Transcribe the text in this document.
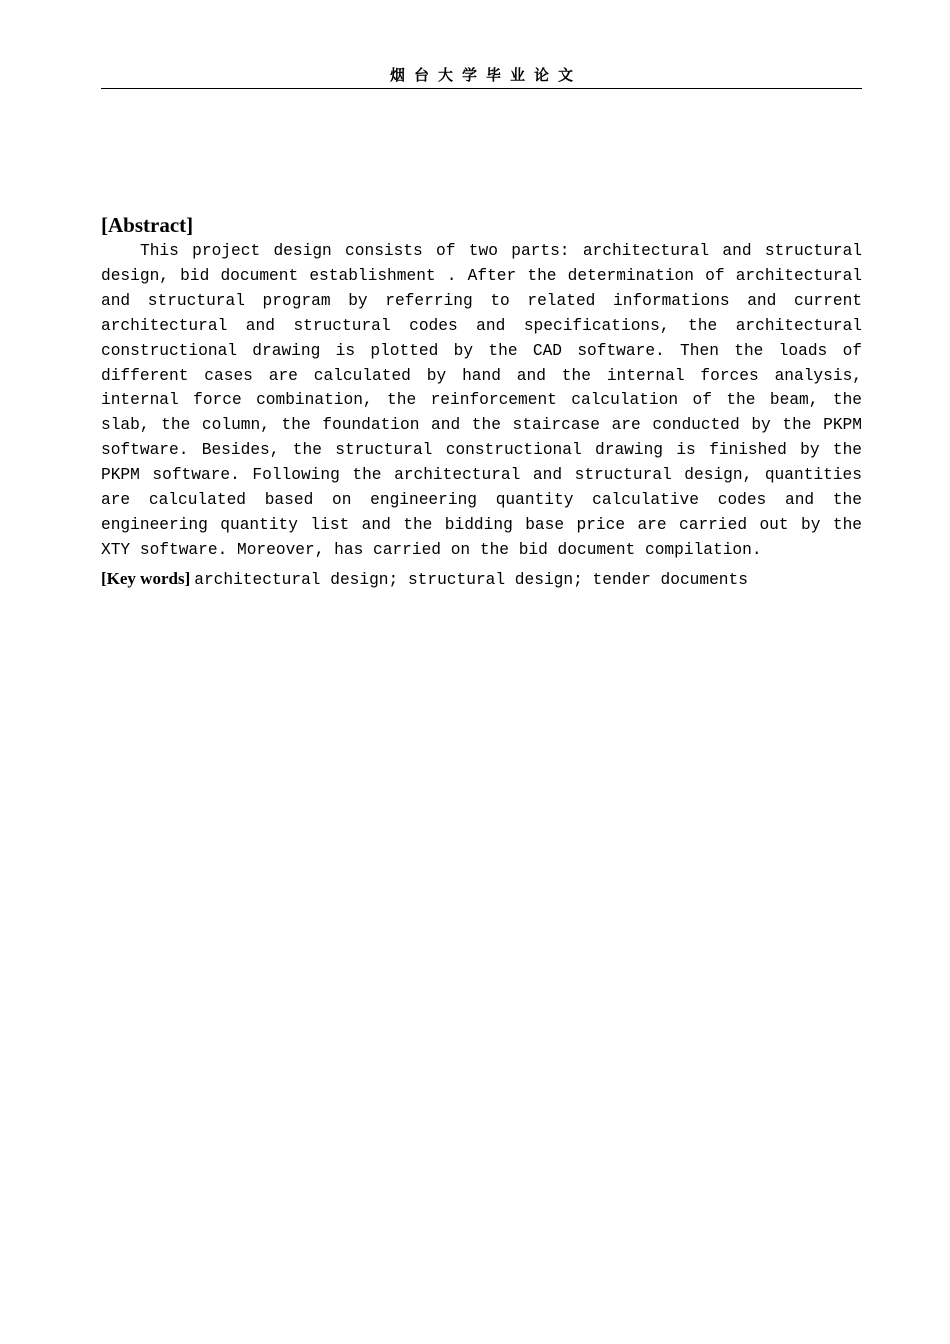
烟台大学毕业论文
[Abstract]

This project design consists of two parts: architectural and structural design, bid document establishment . After the determination of architectural and structural program by referring to related informations and current architectural and structural codes and specifications, the architectural constructional drawing is plotted by the CAD software. Then the loads of different cases are calculated by hand and the internal forces analysis, internal force combination, the reinforcement calculation of the beam, the slab, the column, the foundation and the staircase are conducted by the PKPM software. Besides, the structural constructional drawing is finished by the PKPM software. Following the architectural and structural design, quantities are calculated based on engineering quantity calculative codes and the engineering quantity list and the bidding base price are carried out by the XTY software. Moreover, has carried on the bid document compilation.

[Key words] architectural design; structural design; tender documents
